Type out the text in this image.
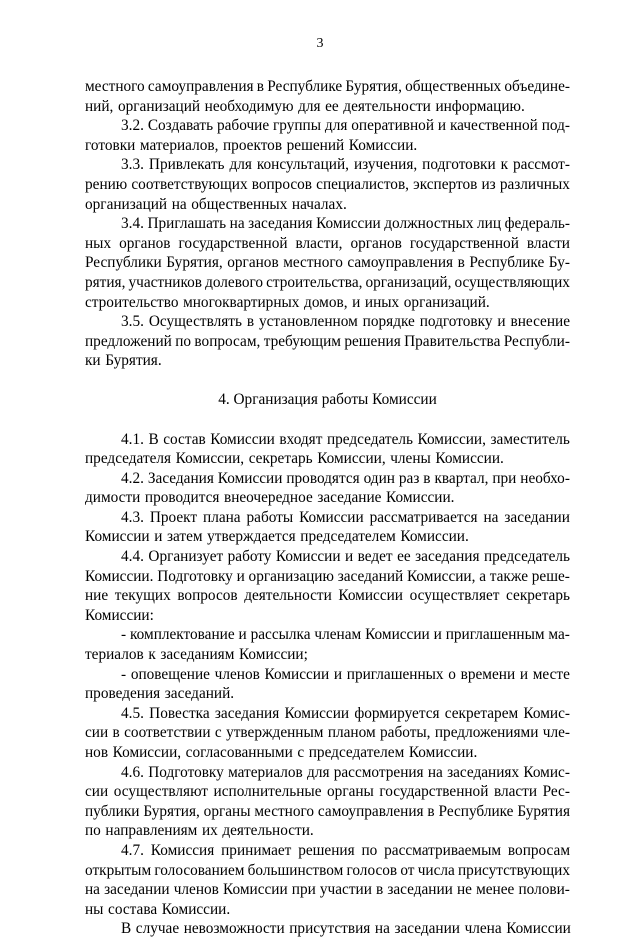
3
местного самоуправления в Республике Бурятия, общественных объедине-
ний, организаций необходимую для ее деятельности информацию.
3.2. Создавать рабочие группы для оперативной и качественной под-
готовки материалов, проектов решений Комиссии.
3.3. Привлекать для консультаций, изучения, подготовки к рассмот-
рению соответствующих вопросов специалистов, экспертов из различных
организаций на общественных началах.
3.4. Приглашать на заседания Комиссии должностных лиц федераль-
ных органов государственной власти, органов государственной власти
Республики Бурятия, органов местного самоуправления в Республике Бу-
рятия, участников долевого строительства, организаций, осуществляющих
строительство многоквартирных домов, и иных организаций.
3.5. Осуществлять в установленном порядке подготовку и внесение
предложений по вопросам, требующим решения Правительства Республи-
ки Бурятия.
4. Организация работы Комиссии
4.1. В состав Комиссии входят председатель Комиссии, заместитель
председателя Комиссии, секретарь Комиссии, члены Комиссии.
4.2. Заседания Комиссии проводятся один раз в квартал, при необхо-
димости проводится внеочередное заседание Комиссии.
4.3. Проект плана работы Комиссии рассматривается на заседании
Комиссии и затем утверждается председателем Комиссии.
4.4. Организует работу Комиссии и ведет ее заседания председатель
Комиссии. Подготовку и организацию заседаний Комиссии, а также реше-
ние текущих вопросов деятельности Комиссии осуществляет секретарь
Комиссии:
- комплектование и рассылка членам Комиссии и приглашенным ма-
териалов к заседаниям Комиссии;
- оповещение членов Комиссии и приглашенных о времени и месте
проведения заседаний.
4.5. Повестка заседания Комиссии формируется секретарем Комис-
сии в соответствии с утвержденным планом работы, предложениями чле-
нов Комиссии, согласованными с председателем Комиссии.
4.6. Подготовку материалов для рассмотрения на заседаниях Комис-
сии осуществляют исполнительные органы государственной власти Рес-
публики Бурятия, органы местного самоуправления в Республике Бурятия
по направлениям их деятельности.
4.7. Комиссия принимает решения по рассматриваемым вопросам
открытым голосованием большинством голосов от числа присутствующих
на заседании членов Комиссии при участии в заседании не менее полови-
ны состава Комиссии.
В случае невозможности присутствия на заседании члена Комиссии
